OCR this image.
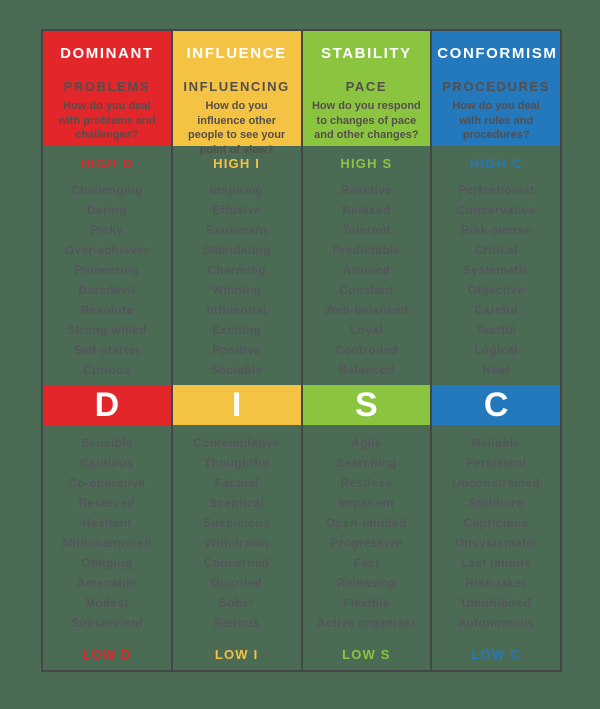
DOMINANT
PROBLEMS
How do you deal with problems and challenges?
HIGH D
Challenging
Daring
Picky
Over-achiever
Pioneering
Daredevil
Resolute
Strong-willed
Self-starter
Curious
D
Sensible
Cautious
Co-operative
Reserved
Hesitant
Mild-mannered
Obliging
Amenable
Modest
Subservient
LOW D
INFLUENCE
INFLUENCING
How do you influence other people to see your point of view?
HIGH I
Inspiring
Effusive
Exuberant
Stimulating
Charming
Winning
Influential
Exciting
Positive
Sociable
I
Contemplative
Thoughtful
Factual
Sceptical
Suspicious
Withdrawn
Concerned
Guarded
Sober
Serious
LOW I
STABILITY
PACE
How do you respond to changes of pace and other changes?
HIGH S
Reactive
Relaxed
Tolerant
Predictable
Attuned
Constant
Well-balanced
Loyal
Controlled
Balanced
S
Agile
Searching
Restless
Impatient
Open-minded
Progressive
Fast
Releasing
Flexible
Active organiser
LOW S
CONFORMISM
PROCEDURES
How do you deal with rules and procedures?
HIGH C
Perfectionist
Conservative
Risk-averse
Critical
Systematic
Objective
Careful
Tactful
Logical
Neat
C
Reliable
Persistent
Unconstrained
Stubborn
Capricious
Unsystematic
Last minute
Risk-taker
Uninhibited
Autonomous
LOW C
